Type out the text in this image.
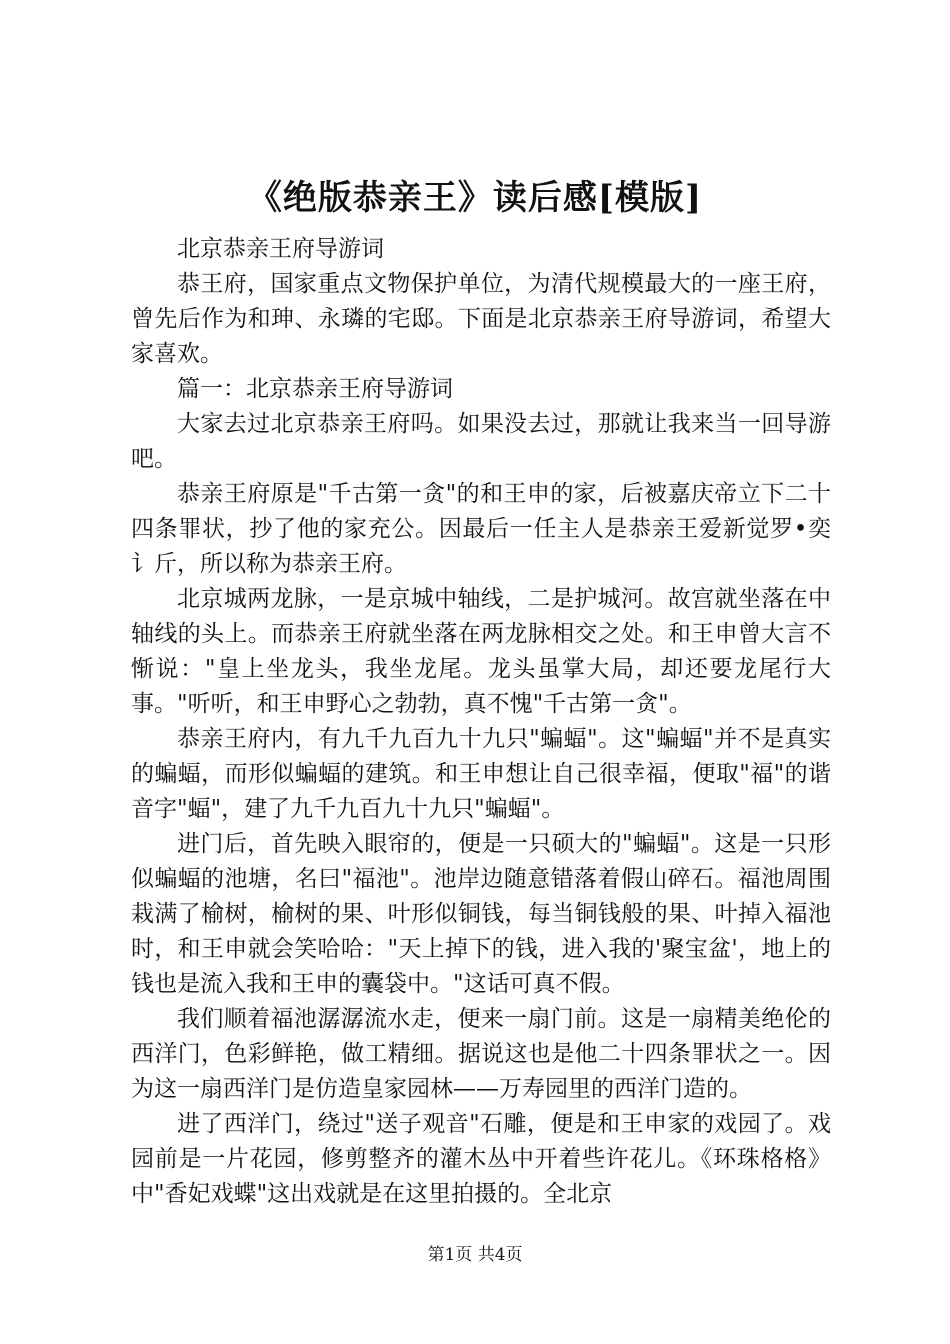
《绝版恭亲王》读后感[模版]

北京恭亲王府导游词

恭王府，国家重点文物保护单位，为清代规模最大的一座王府，曾先后作为和珅、永璘的宅邸。下面是北京恭亲王府导游词，希望大家喜欢。

篇一：北京恭亲王府导游词

大家去过北京恭亲王府吗。如果没去过，那就让我来当一回导游吧。

恭亲王府原是"千古第一贪"的和王申的家，后被嘉庆帝立下二十四条罪状，抄了他的家充公。因最后一任主人是恭亲王爱新觉罗•奕讠斤，所以称为恭亲王府。

北京城两龙脉，一是京城中轴线，二是护城河。故宫就坐落在中轴线的头上。而恭亲王府就坐落在两龙脉相交之处。和王申曾大言不惭说："皇上坐龙头，我坐龙尾。龙头虽掌大局，却还要龙尾行大事。"听听，和王申野心之勃勃，真不愧"千古第一贪"。

恭亲王府内，有九千九百九十九只"蝙蝠"。这"蝙蝠"并不是真实的蝙蝠，而形似蝙蝠的建筑。和王申想让自己很幸福，便取"福"的谐音字"蝠"，建了九千九百九十九只"蝙蝠"。

进门后，首先映入眼帘的，便是一只硕大的"蝙蝠"。这是一只形似蝙蝠的池塘，名曰"福池"。池岸边随意错落着假山碎石。福池周围栽满了榆树，榆树的果、叶形似铜钱，每当铜钱般的果、叶掉入福池时，和王申就会笑哈哈："天上掉下的钱，进入我的'聚宝盆'，地上的钱也是流入我和王申的囊袋中。"这话可真不假。

我们顺着福池潺潺流水走，便来一扇门前。这是一扇精美绝伦的西洋门，色彩鲜艳，做工精细。据说这也是他二十四条罪状之一。因为这一扇西洋门是仿造皇家园林——万寿园里的西洋门造的。

进了西洋门，绕过"送子观音"石雕，便是和王申家的戏园了。戏园前是一片花园，修剪整齐的灌木丛中开着些许花儿。《环珠格格》中"香妃戏蝶"这出戏就是在这里拍摄的。全北京

第1页 共4页
